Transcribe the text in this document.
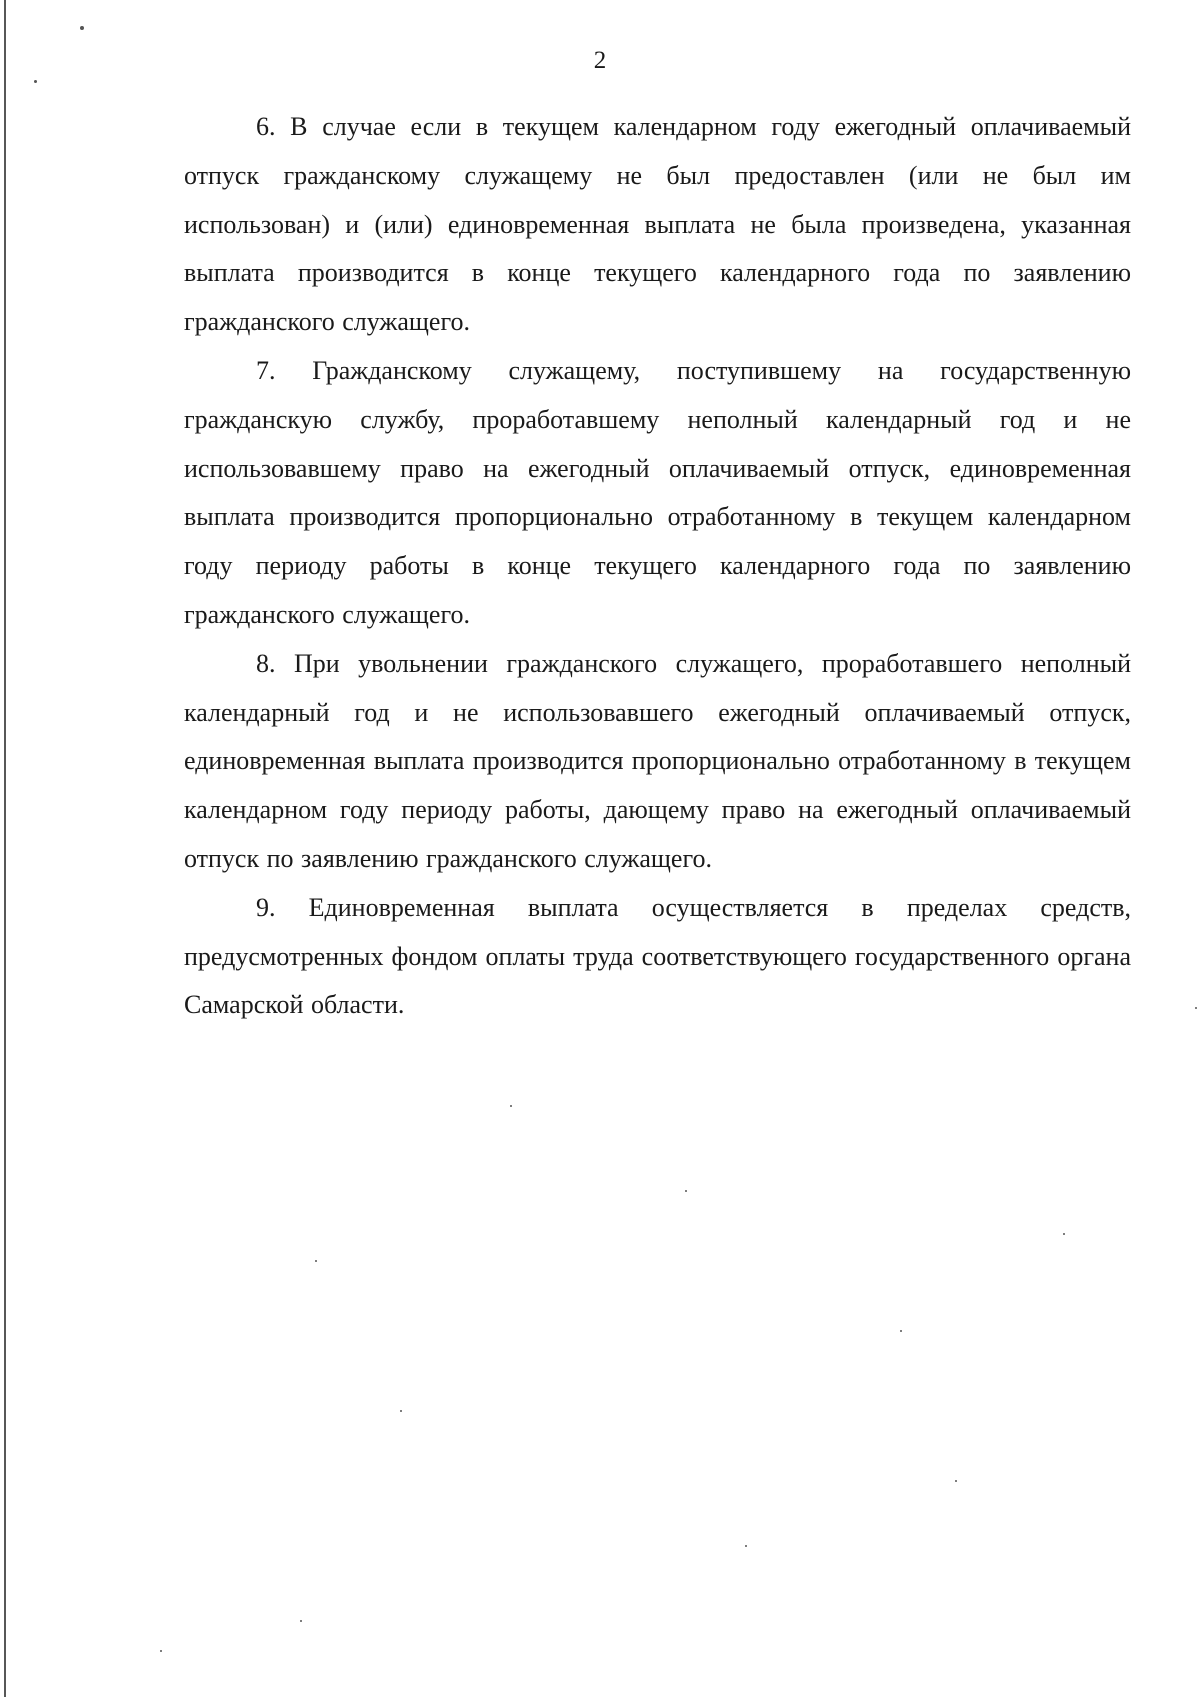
2

6. В случае если в текущем календарном году ежегодный оплачиваемый отпуск гражданскому служащему не был предоставлен (или не был им использован) и (или) единовременная выплата не была произведена, указанная выплата производится в конце текущего календарного года по заявлению гражданского служащего.

7. Гражданскому служащему, поступившему на государственную гражданскую службу, проработавшему неполный календарный год и не использовавшему право на ежегодный оплачиваемый отпуск, единовременная выплата производится пропорционально отработанному в текущем календарном году периоду работы в конце текущего календарного года по заявлению гражданского служащего.

8. При увольнении гражданского служащего, проработавшего неполный календарный год и не использовавшего ежегодный оплачиваемый отпуск, единовременная выплата производится пропорционально отработанному в текущем календарном году периоду работы, дающему право на ежегодный оплачиваемый отпуск по заявлению гражданского служащего.

9. Единовременная выплата осуществляется в пределах средств, предусмотренных фондом оплаты труда соответствующего государственного органа Самарской области.
